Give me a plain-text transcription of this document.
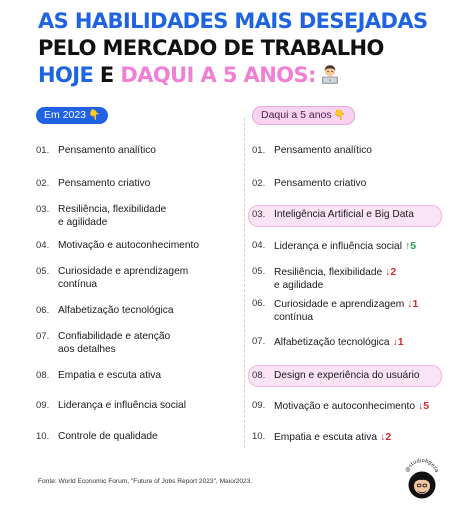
AS HABILIDADES MAIS DESEJADAS
PELO MERCADO DE TRABALHO
HOJE E DAQUI A 5 ANOS:
Em 2023 👇
01. Pensamento analítico
02. Pensamento criativo
03. Resiliência, flexibilidade
e agilidade
04. Motivação e autoconhecimento
05. Curiosidade e aprendizagem
contínua
06. Alfabetização tecnológica
07. Confiabilidade e atenção
aos detalhes
08. Empatia e escuta ativa
09. Liderança e influência social
10. Controle de qualidade
Daqui a 5 anos 👇
01. Pensamento analítico
02. Pensamento criativo
03. Inteligência Artificial e Big Data
04. Liderança e influência social ↑5
05. Resiliência, flexibilidade ↓2
e agilidade
06. Curiosidade e aprendizagem ↓1
contínua
07. Alfabetização tecnológica ↓1
08. Design e experiência do usuário
09. Motivação e autoconhecimento ↓5
10. Empatia e escuta ativa ↓2
Fonte: World Economic Forum, "Future of Jobs Report 2023", Maio/2023.
@studiobgeza
